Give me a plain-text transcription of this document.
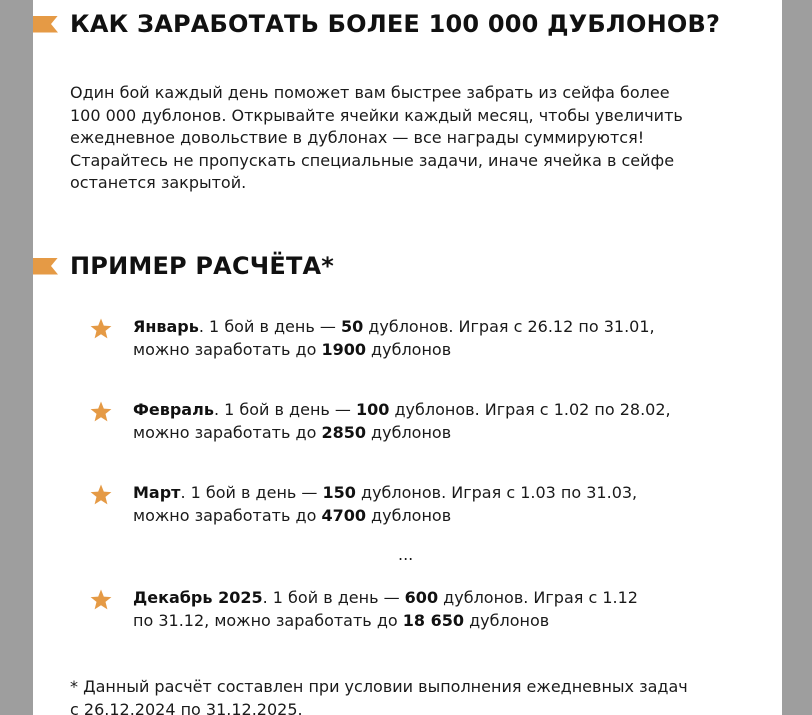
КАК ЗАРАБОТАТЬ БОЛЕЕ 100 000 ДУБЛОНОВ?

Один бой каждый день поможет вам быстрее забрать из сейфа более
100 000 дублонов. Открывайте ячейки каждый месяц, чтобы увеличить
ежедневное довольствие в дублонах — все награды суммируются!
Старайтесь не пропускать специальные задачи, иначе ячейка в сейфе
останется закрытой.

ПРИМЕР РАСЧЁТА*
Январь. 1 бой в день — 50 дублонов. Играя с 26.12 по 31.01,
можно заработать до 1900 дублонов
Февраль. 1 бой в день — 100 дублонов. Играя с 1.02 по 28.02,
можно заработать до 2850 дублонов
Март. 1 бой в день — 150 дублонов. Играя с 1.03 по 31.03,
можно заработать до 4700 дублонов
...
Декабрь 2025. 1 бой в день — 600 дублонов. Играя с 1.12
по 31.12, можно заработать до 18 650 дублонов

* Данный расчёт составлен при условии выполнения ежедневных задач
с 26.12.2024 по 31.12.2025.
